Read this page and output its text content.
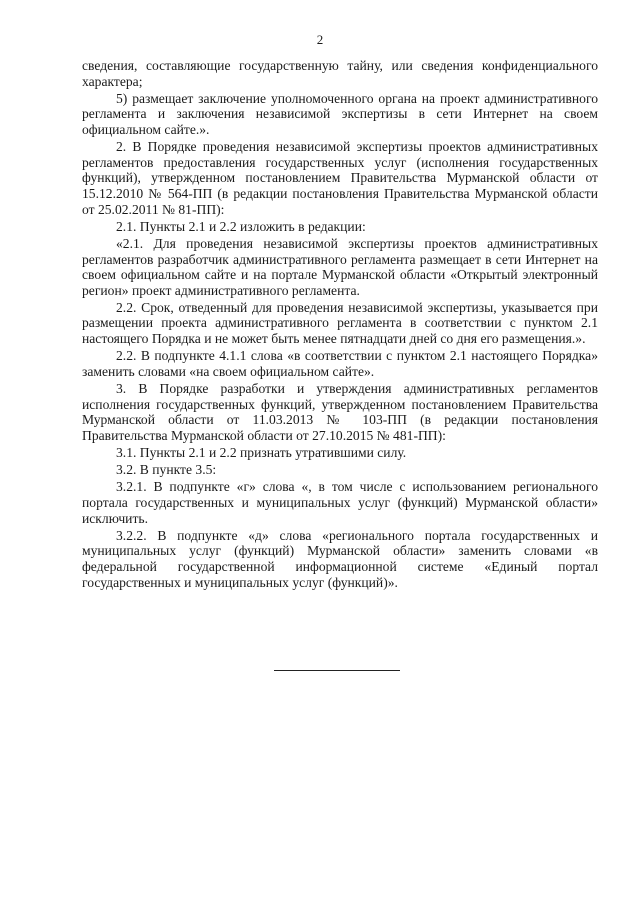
2

сведения, составляющие государственную тайну, или сведения конфиденциального характера;

5) размещает заключение уполномоченного органа на проект административного регламента и заключения независимой экспертизы в сети Интернет на своем официальном сайте.».

2. В Порядке проведения независимой экспертизы проектов административных регламентов предоставления государственных услуг (исполнения государственных функций), утвержденном постановлением Правительства Мурманской области от 15.12.2010 № 564-ПП (в редакции постановления Правительства Мурманской области от 25.02.2011 № 81-ПП):

2.1. Пункты 2.1 и 2.2 изложить в редакции:

«2.1. Для проведения независимой экспертизы проектов административных регламентов разработчик административного регламента размещает в сети Интернет на своем официальном сайте и на портале Мурманской области «Открытый электронный регион» проект административного регламента.

2.2. Срок, отведенный для проведения независимой экспертизы, указывается при размещении проекта административного регламента в соответствии с пунктом 2.1 настоящего Порядка и не может быть менее пятнадцати дней со дня его размещения.».

2.2. В подпункте 4.1.1 слова «в соответствии с пунктом 2.1 настоящего Порядка» заменить словами «на своем официальном сайте».

3. В Порядке разработки и утверждения административных регламентов исполнения государственных функций, утвержденном постановлением Правительства Мурманской области от 11.03.2013 № 103-ПП (в редакции постановления Правительства Мурманской области от 27.10.2015 № 481-ПП):

3.1. Пункты 2.1 и 2.2 признать утратившими силу.

3.2. В пункте 3.5:

3.2.1. В подпункте «г» слова «, в том числе с использованием регионального портала государственных и муниципальных услуг (функций) Мурманской области» исключить.

3.2.2. В подпункте «д» слова «регионального портала государственных и муниципальных услуг (функций) Мурманской области» заменить словами «в федеральной государственной информационной системе «Единый портал государственных и муниципальных услуг (функций)».
